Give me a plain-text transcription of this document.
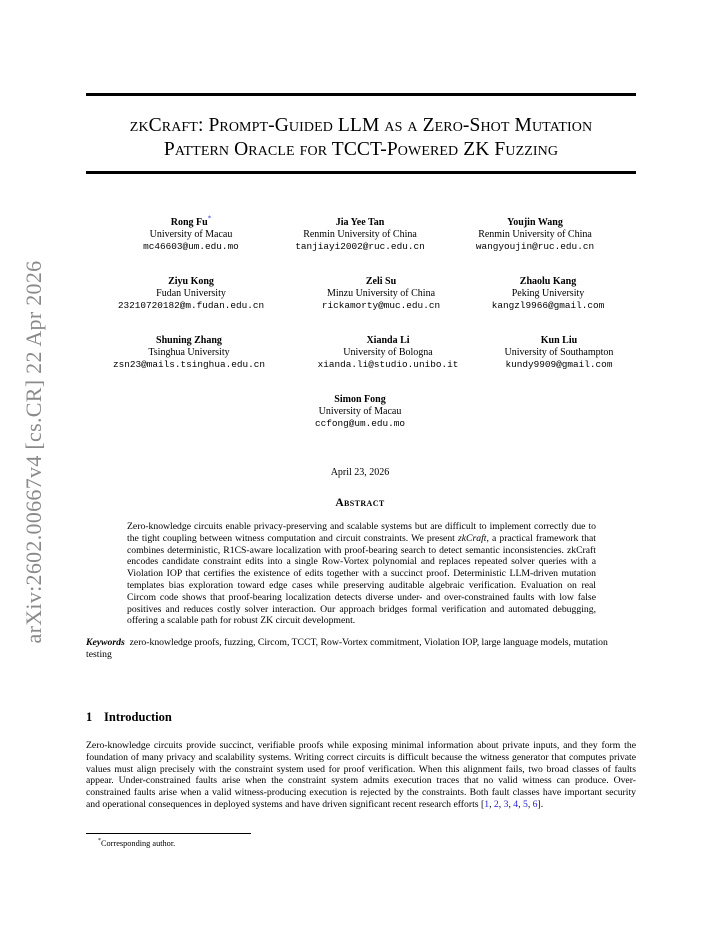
arXiv:2602.00667v4 [cs.CR] 22 Apr 2026
zkCraft: Prompt-Guided LLM as a Zero-Shot Mutation
Pattern Oracle for TCCT-Powered ZK Fuzzing
Rong Fu*
University of Macau
mc46603@um.edu.mo
Jia Yee Tan
Renmin University of China
tanjiayi2002@ruc.edu.cn
Youjin Wang
Renmin University of China
wangyoujin@ruc.edu.cn
Ziyu Kong
Fudan University
23210720182@m.fudan.edu.cn
Zeli Su
Minzu University of China
rickamorty@muc.edu.cn
Zhaolu Kang
Peking University
kangzl9966@gmail.com
Shuning Zhang
Tsinghua University
zsn23@mails.tsinghua.edu.cn
Xianda Li
University of Bologna
xianda.li@studio.unibo.it
Kun Liu
University of Southampton
kundy9909@gmail.com
Simon Fong
University of Macau
ccfong@um.edu.mo
April 23, 2026
Abstract
Zero-knowledge circuits enable privacy-preserving and scalable systems but are difficult to implement correctly due to the tight coupling between witness computation and circuit constraints. We present zkCraft, a practical framework that combines deterministic, R1CS-aware localization with proof-bearing search to detect semantic inconsistencies. zkCraft encodes candidate constraint edits into a single Row-Vortex polynomial and replaces repeated solver queries with a Violation IOP that certifies the existence of edits together with a succinct proof. Deterministic LLM-driven mutation templates bias exploration toward edge cases while preserving auditable algebraic verification. Evaluation on real Circom code shows that proof-bearing localization detects diverse under- and over-constrained faults with low false positives and reduces costly solver interaction. Our approach bridges formal verification and automated debugging, offering a scalable path for robust ZK circuit development.
Keywords zero-knowledge proofs, fuzzing, Circom, TCCT, Row-Vortex commitment, Violation IOP, large language models, mutation testing
1 Introduction
Zero-knowledge circuits provide succinct, verifiable proofs while exposing minimal information about private inputs, and they form the foundation of many privacy and scalability systems. Writing correct circuits is difficult because the witness generator that computes private values must align precisely with the constraint system used for proof verification. When this alignment fails, two broad classes of faults appear. Under-constrained faults arise when the constraint system admits execution traces that no valid witness can produce. Over-constrained faults arise when a valid witness-producing execution is rejected by the constraints. Both fault classes have important security and operational consequences in deployed systems and have driven significant recent research efforts [1, 2, 3, 4, 5, 6].
*Corresponding author.
